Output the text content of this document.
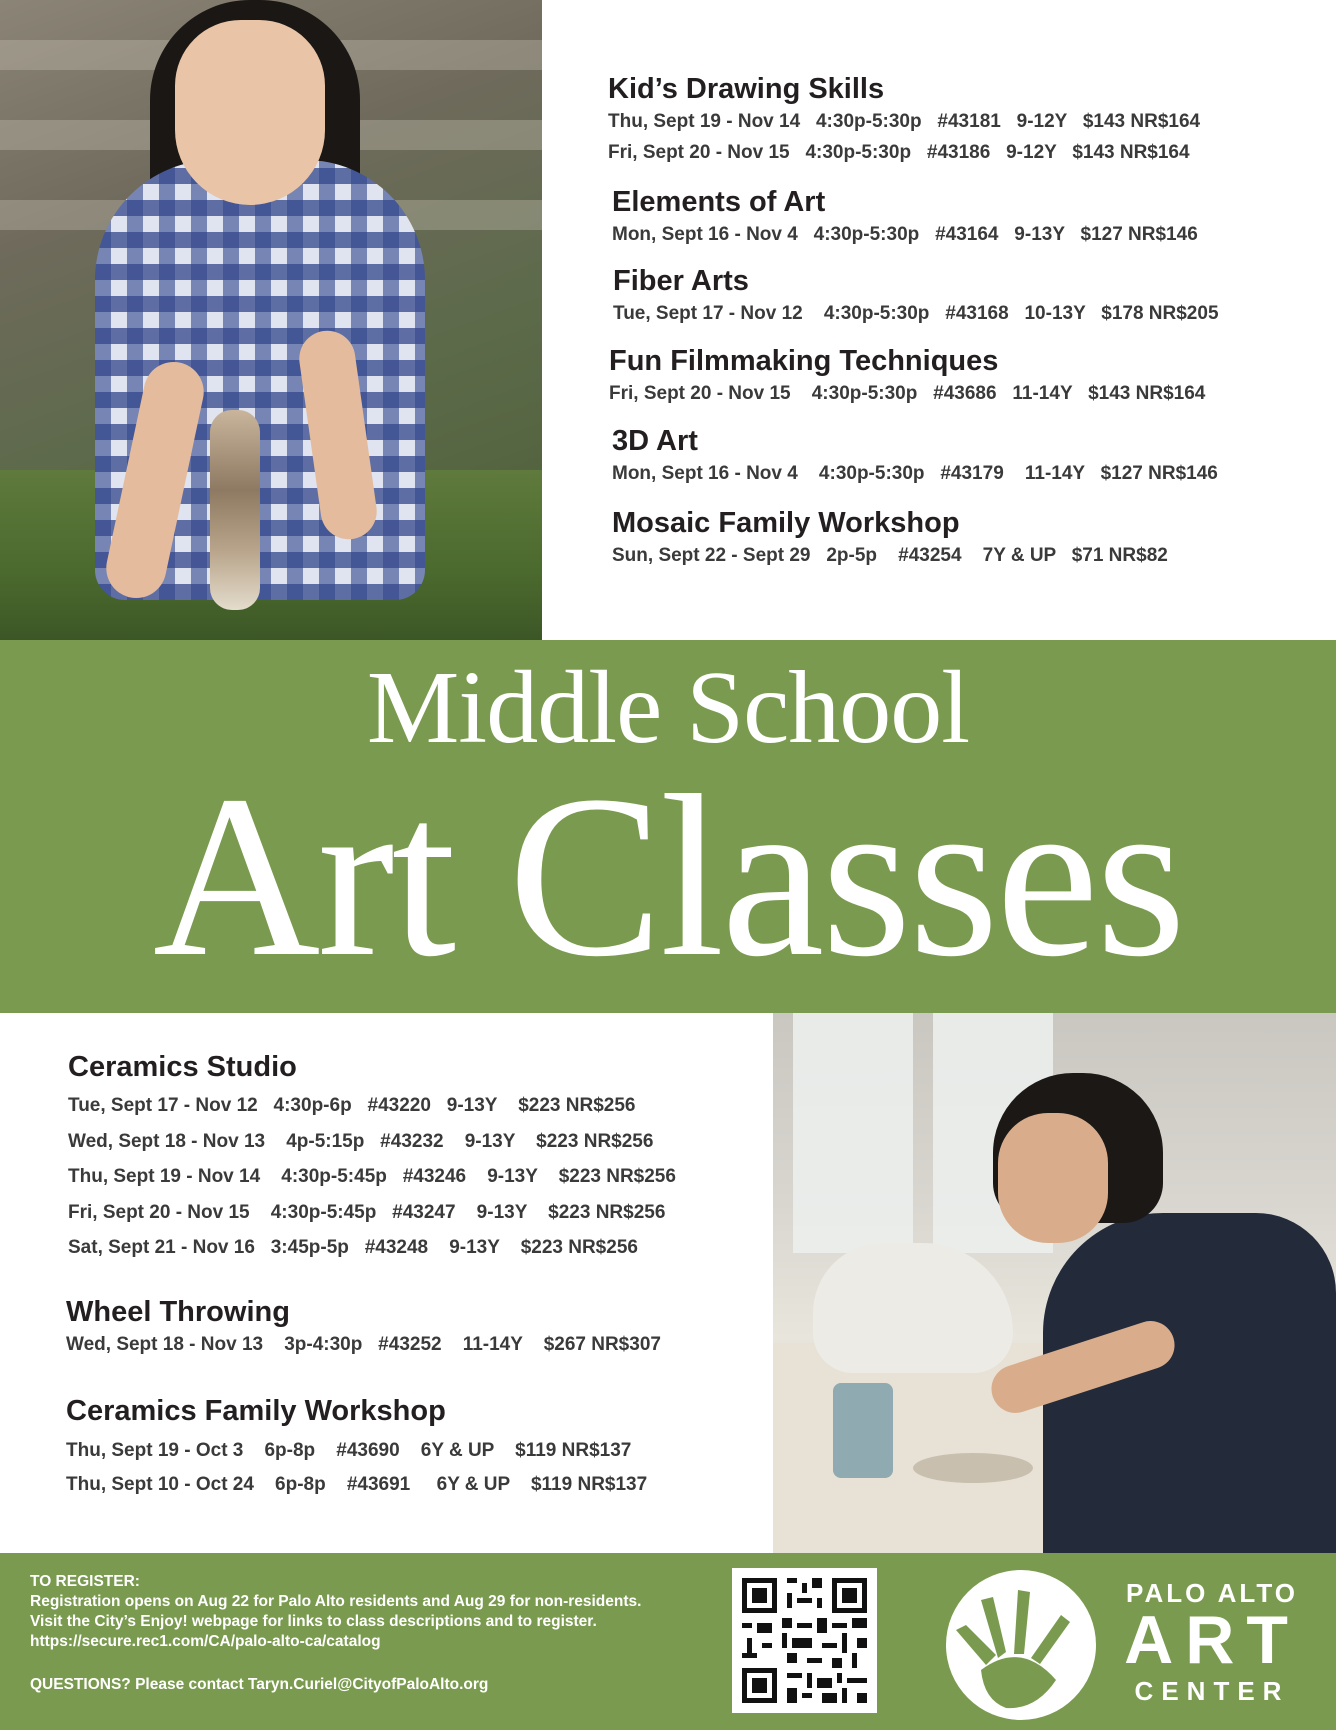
Kid’s Drawing Skills
Thu, Sept 19 - Nov 14   4:30p-5:30p   #43181   9-12Y   $143 NR$164
Fri, Sept 20 - Nov 15   4:30p-5:30p   #43186   9-12Y   $143 NR$164
Elements of Art
Mon, Sept 16 - Nov 4   4:30p-5:30p   #43164   9-13Y   $127 NR$146
Fiber Arts
Tue, Sept 17 - Nov 12    4:30p-5:30p   #43168   10-13Y   $178 NR$205
Fun Filmmaking Techniques
Fri, Sept 20 - Nov 15    4:30p-5:30p   #43686   11-14Y   $143 NR$164
3D Art
Mon, Sept 16 - Nov 4    4:30p-5:30p   #43179    11-14Y   $127 NR$146
Mosaic Family Workshop
Sun, Sept 22 - Sept 29   2p-5p    #43254    7Y & UP   $71 NR$82
Middle School
Art Classes
Ceramics Studio
Tue, Sept 17 - Nov 12   4:30p-6p   #43220   9-13Y    $223 NR$256
Wed, Sept 18 - Nov 13    4p-5:15p   #43232    9-13Y    $223 NR$256
Thu, Sept 19 - Nov 14    4:30p-5:45p   #43246    9-13Y    $223 NR$256
Fri, Sept 20 - Nov 15    4:30p-5:45p   #43247    9-13Y    $223 NR$256
Sat, Sept 21 - Nov 16   3:45p-5p   #43248    9-13Y    $223 NR$256
Wheel Throwing
Wed, Sept 18 - Nov 13    3p-4:30p   #43252    11-14Y    $267 NR$307
Ceramics Family Workshop
Thu, Sept 19 - Oct 3    6p-8p    #43690    6Y & UP    $119 NR$137
Thu, Sept 10 - Oct 24    6p-8p    #43691     6Y & UP    $119 NR$137
TO REGISTER:
Registration opens on Aug 22 for Palo Alto residents and Aug 29 for non-residents.
Visit the City’s Enjoy! webpage for links to class descriptions and to register.
https://secure.rec1.com/CA/palo-alto-ca/catalog
QUESTIONS? Please contact Taryn.Curiel@CityofPaloAlto.org
PALO ALTO
ART
CENTER
